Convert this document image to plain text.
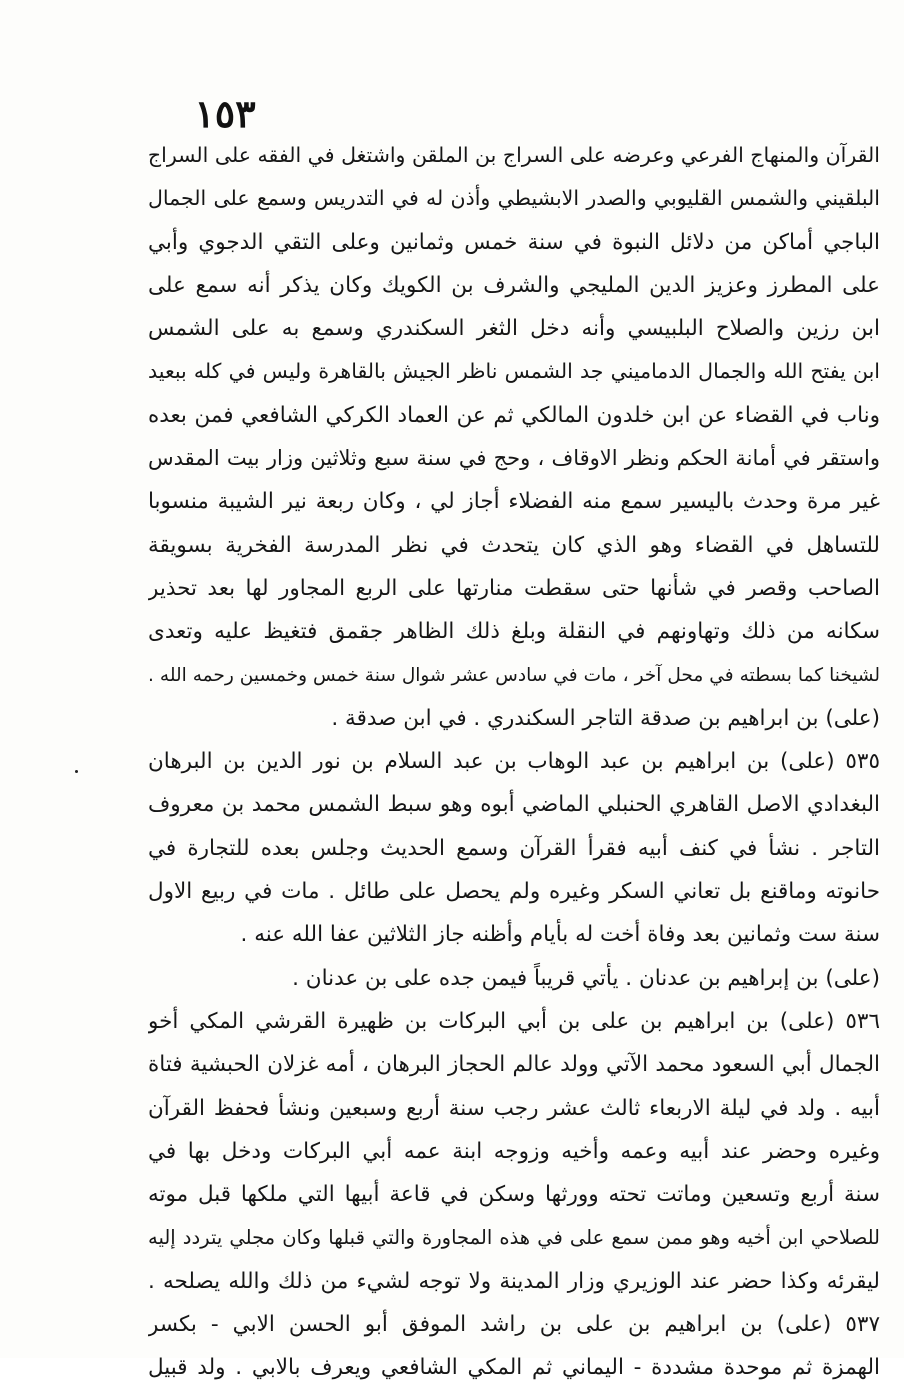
١٥٣
القرآن والمنهاج الفرعي وعرضه على السراج بن الملقن واشتغل في الفقه على السراج
البلقيني والشمس القليوبي والصدر الابشيطي وأذن له في التدريس وسمع على الجمال
الباجي أماكن من دلائل النبوة في سنة خمس وثمانين وعلى التقي الدجوي وأبي
على المطرز وعزيز الدين المليجي والشرف بن الكويك وكان يذكر أنه سمع على
ابن رزين والصلاح البلبيسي وأنه دخل الثغر السكندري وسمع به على الشمس
ابن يفتح الله والجمال الدماميني جد الشمس ناظر الجيش بالقاهرة وليس في كله ببعيد
وناب في القضاء عن ابن خلدون المالكي ثم عن العماد الكركي الشافعي فمن بعده
واستقر في أمانة الحكم ونظر الاوقاف ، وحج في سنة سبع وثلاثين وزار بيت المقدس
غير مرة وحدث باليسير سمع منه الفضلاء أجاز لي ، وكان ربعة نير الشيبة منسوبا
للتساهل في القضاء وهو الذي كان يتحدث في نظر المدرسة الفخرية بسويقة
الصاحب وقصر في شأنها حتى سقطت منارتها على الربع المجاور لها بعد تحذير
سكانه من ذلك وتهاونهم في النقلة وبلغ ذلك الظاهر جقمق فتغيظ عليه وتعدى
لشيخنا كما بسطته في محل آخر ، مات في سادس عشر شوال سنة خمس وخمسين رحمه الله .
(على) بن ابراهيم بن صدقة التاجر السكندري . في ابن صدقة .
٥٣٥ (على) بن ابراهيم بن عبد الوهاب بن عبد السلام بن نور الدين بن البرهان
البغدادي الاصل القاهري الحنبلي الماضي أبوه وهو سبط الشمس محمد بن معروف
التاجر . نشأ في كنف أبيه فقرأ القرآن وسمع الحديث وجلس بعده للتجارة في
حانوته وماقنع بل تعاني السكر وغيره ولم يحصل على طائل . مات في ربيع الاول
سنة ست وثمانين بعد وفاة أخت له بأيام وأظنه جاز الثلاثين عفا الله عنه .
(على) بن إبراهيم بن عدنان . يأتي قريباً فيمن جده على بن عدنان .
٥٣٦ (على) بن ابراهيم بن على بن أبي البركات بن ظهيرة القرشي المكي أخو
الجمال أبي السعود محمد الآتي وولد عالم الحجاز البرهان ، أمه غزلان الحبشية فتاة
أبيه . ولد في ليلة الاربعاء ثالث عشر رجب سنة أربع وسبعين ونشأ فحفظ القرآن
وغيره وحضر عند أبيه وعمه وأخيه وزوجه ابنة عمه أبي البركات ودخل بها في
سنة أربع وتسعين وماتت تحته وورثها وسكن في قاعة أبيها التي ملكها قبل موته
للصلاحي ابن أخيه وهو ممن سمع على في هذه المجاورة والتي قبلها وكان مجلي يتردد إليه
ليقرئه وكذا حضر عند الوزيري وزار المدينة ولا توجه لشيء من ذلك والله يصلحه .
٥٣٧ (على) بن ابراهيم بن على بن راشد الموفق أبو الحسن الابي - بكسر
الهمزة ثم موحدة مشددة - اليماني ثم المكي الشافعي ويعرف بالابي . ولد قبيل
